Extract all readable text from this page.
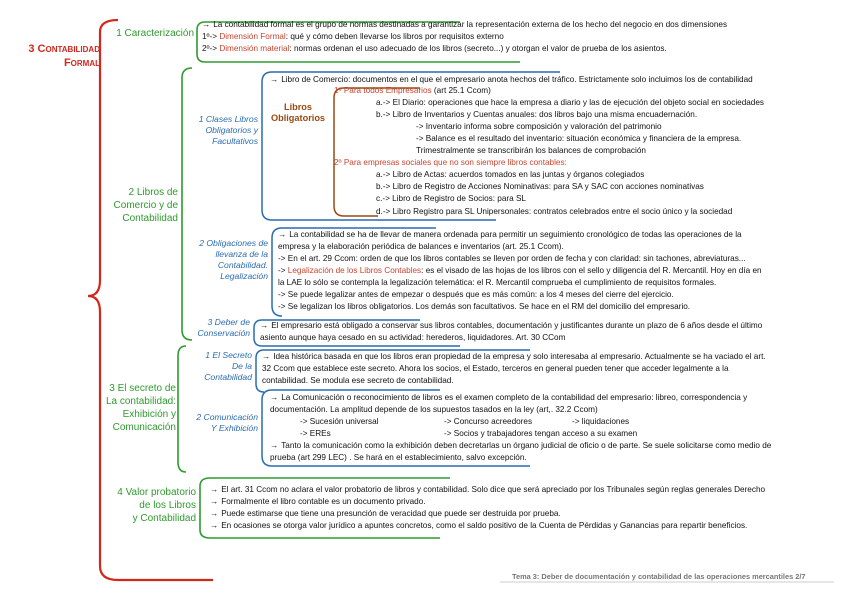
3 Contabilidad
Formal
1 Caracterización
→ La contabilidad formal es el grupo de normas destinadas a garantizar la representación externa de los hecho del negocio en dos dimensiones
1º-> Dimensión Formal: qué y cómo deben llevarse los libros por requisitos externo
2º-> Dimensión material: normas ordenan el uso adecuado de los libros (secreto...) y otorgan el valor de prueba de los asientos.
2 Libros de
Comercio y de
Contabilidad
1 Clases Libros
Obligatorios y
Facultativos
Libros
Obligatorios
→ Libro de Comercio: documentos en el que el empresario anota hechos del tráfico. Estrictamente solo incluimos los de contabilidad
1º Para todos Empresarios (art 25.1 Ccom)
a.-> El Diario: operaciones que hace la empresa a diario y las de ejecución del objeto social en sociedades
b.-> Libro de Inventarios y Cuentas anuales: dos libros bajo una misma encuadernación.
-> Inventario informa sobre composición y valoración del patrimonio
-> Balance es el resultado del inventario: situación económica y financiera de la empresa.
Trimestralmente se transcribirán los balances de comprobación
2º Para empresas sociales que no son siempre libros contables:
a.-> Libro de Actas: acuerdos tomados en las juntas y órganos colegiados
b.-> Libro de Registro de Acciones Nominativas: para SA y SAC con acciones nominativas
c.-> Libro de Registro de Socios: para SL
d.-> Libro Registro para SL Unipersonales: contratos celebrados entre el socio único y la sociedad
2 Obligaciones de
llevanza de la
Contabilidad.
Legalización
→ La contabilidad se ha de llevar de manera ordenada para permitir un seguimiento cronológico de todas las operaciones de la
empresa y la elaboración periódica de balances e inventarios (art. 25.1 Ccom).
-> En el art. 29 Ccom: orden de que los libros contables se lleven por orden de fecha y con claridad: sin tachones, abreviaturas...
-> Legalización de los Libros Contables: es el visado de las hojas de los libros con el sello y diligencia del R. Mercantil. Hoy en día en
la LAE lo sólo se contempla la legalización telemática: el R. Mercantil comprueba el cumplimiento de requisitos formales.
-> Se puede legalizar antes de empezar o después que es más común: a los 4 meses del cierre del ejercicio.
-> Se legalizan los libros obligatorios. Los demás son facultativos. Se hace en el RM del domicilio del empresario.
3 Deber de
Conservación
→ El empresario está obligado a conservar sus libros contables, documentación y justificantes durante un plazo de 6 años desde el último
asiento aunque haya cesado en su actividad: herederos, liquidadores. Art. 30 CCom
3 El secreto de
La contabilidad:
Exhibición y
Comunicación
1 El Secreto
De la
Contabilidad
→ Idea histórica basada en que los libros eran propiedad de la empresa y solo interesaba al empresario. Actualmente se ha vaciado el art.
32 Ccom que establece este secreto. Ahora los socios, el Estado, terceros en general pueden tener que acceder legalmente a la
contabilidad. Se modula ese secreto de contabilidad.
2 Comunicación
Y Exhibición
→ La Comunicación o reconocimiento de libros es el examen completo de la contabilidad del empresario: libreo, correspondencia y
documentación. La amplitud depende de los supuestos tasados en la ley (art,. 32.2 Ccom)
-> Sucesión universal	-> Concurso acreedores	-> liquidaciones
-> EREs	-> Socios y trabajadores tengan acceso a su examen
→ Tanto la comunicación como la exhibición deben decretarlas un órgano judicial de oficio o de parte. Se suele solicitarse como medio de
prueba (art 299 LEC) . Se hará en el establecimiento, salvo excepción.
4 Valor probatorio
de los Libros
y Contabilidad
→ El art. 31 Ccom no aclara el valor probatorio de libros y contabilidad. Solo dice que será apreciado por los Tribunales según reglas generales Derecho
→ Formalmente el libro contable es un documento privado.
→ Puede estimarse que tiene una presunción de veracidad que puede ser destruida por prueba.
→ En ocasiones se otorga valor jurídico a apuntes concretos, como el saldo positivo de la Cuenta de Pérdidas y Ganancias para repartir beneficios.
Tema 3: Deber de documentación y contabilidad de las operaciones mercantiles 2/7
